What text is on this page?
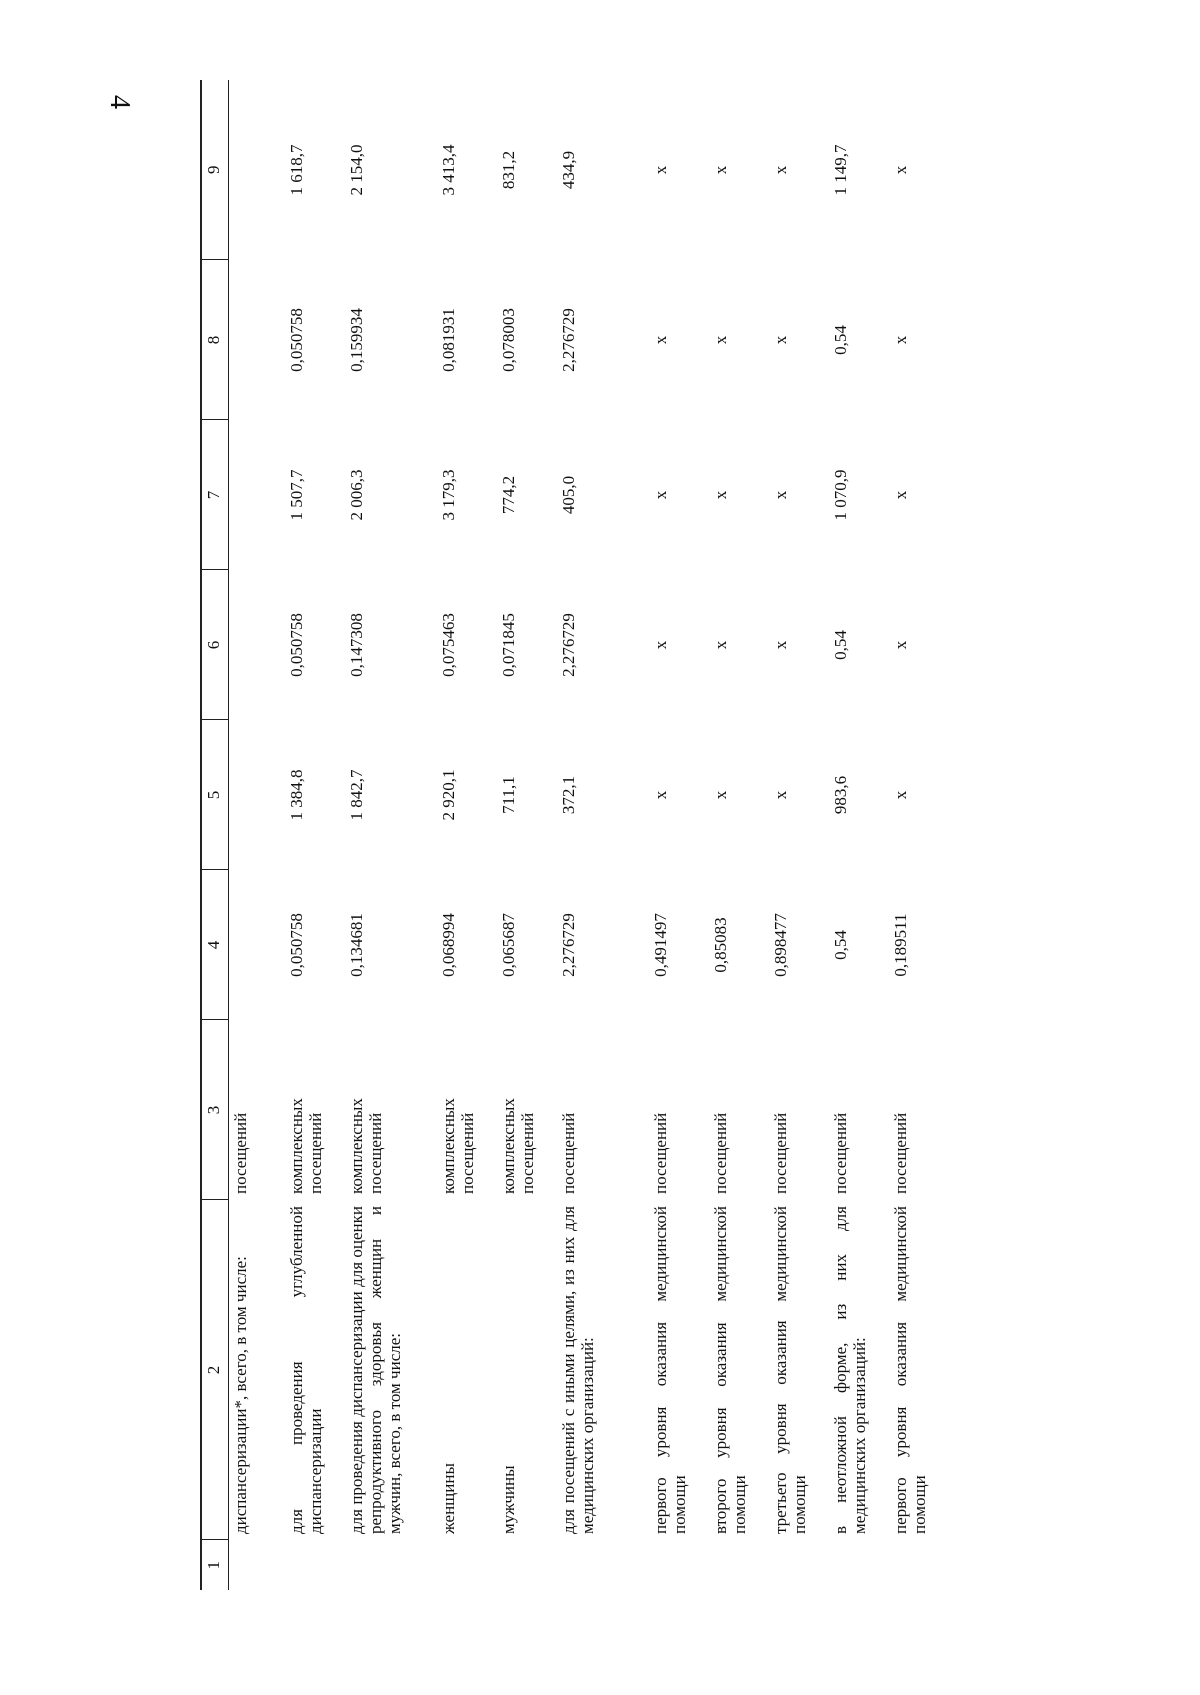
4
1	2	3	4	5	6	7	8	9
	диспансеризации*, всего, в том числе:	посещений						
	для проведения углубленной диспансеризации	комплексных посещений	0,050758	1 384,8	0,050758	1 507,7	0,050758	1 618,7
	для проведения диспансеризации для оценки репродуктивного здоровья женщин и мужчин, всего, в том числе:	комплексных посещений	0,134681	1 842,7	0,147308	2 006,3	0,159934	2 154,0
	женщины	комплексных посещений	0,068994	2 920,1	0,075463	3 179,3	0,081931	3 413,4
	мужчины	комплексных посещений	0,065687	711,1	0,071845	774,2	0,078003	831,2
	для посещений с иными целями, из них для медицинских организаций:	посещений	2,276729	372,1	2,276729	405,0	2,276729	434,9
	первого уровня оказания медицинской помощи	посещений	0,491497	х	х	х	х	х
	второго уровня оказания медицинской помощи	посещений	0,85083	х	х	х	х	х
	третьего уровня оказания медицинской помощи	посещений	0,898477	х	х	х	х	х
	в неотложной форме, из них для медицинских организаций:	посещений	0,54	983,6	0,54	1 070,9	0,54	1 149,7
	первого уровня оказания медицинской помощи	посещений	0,189511	х	х	х	х	х
